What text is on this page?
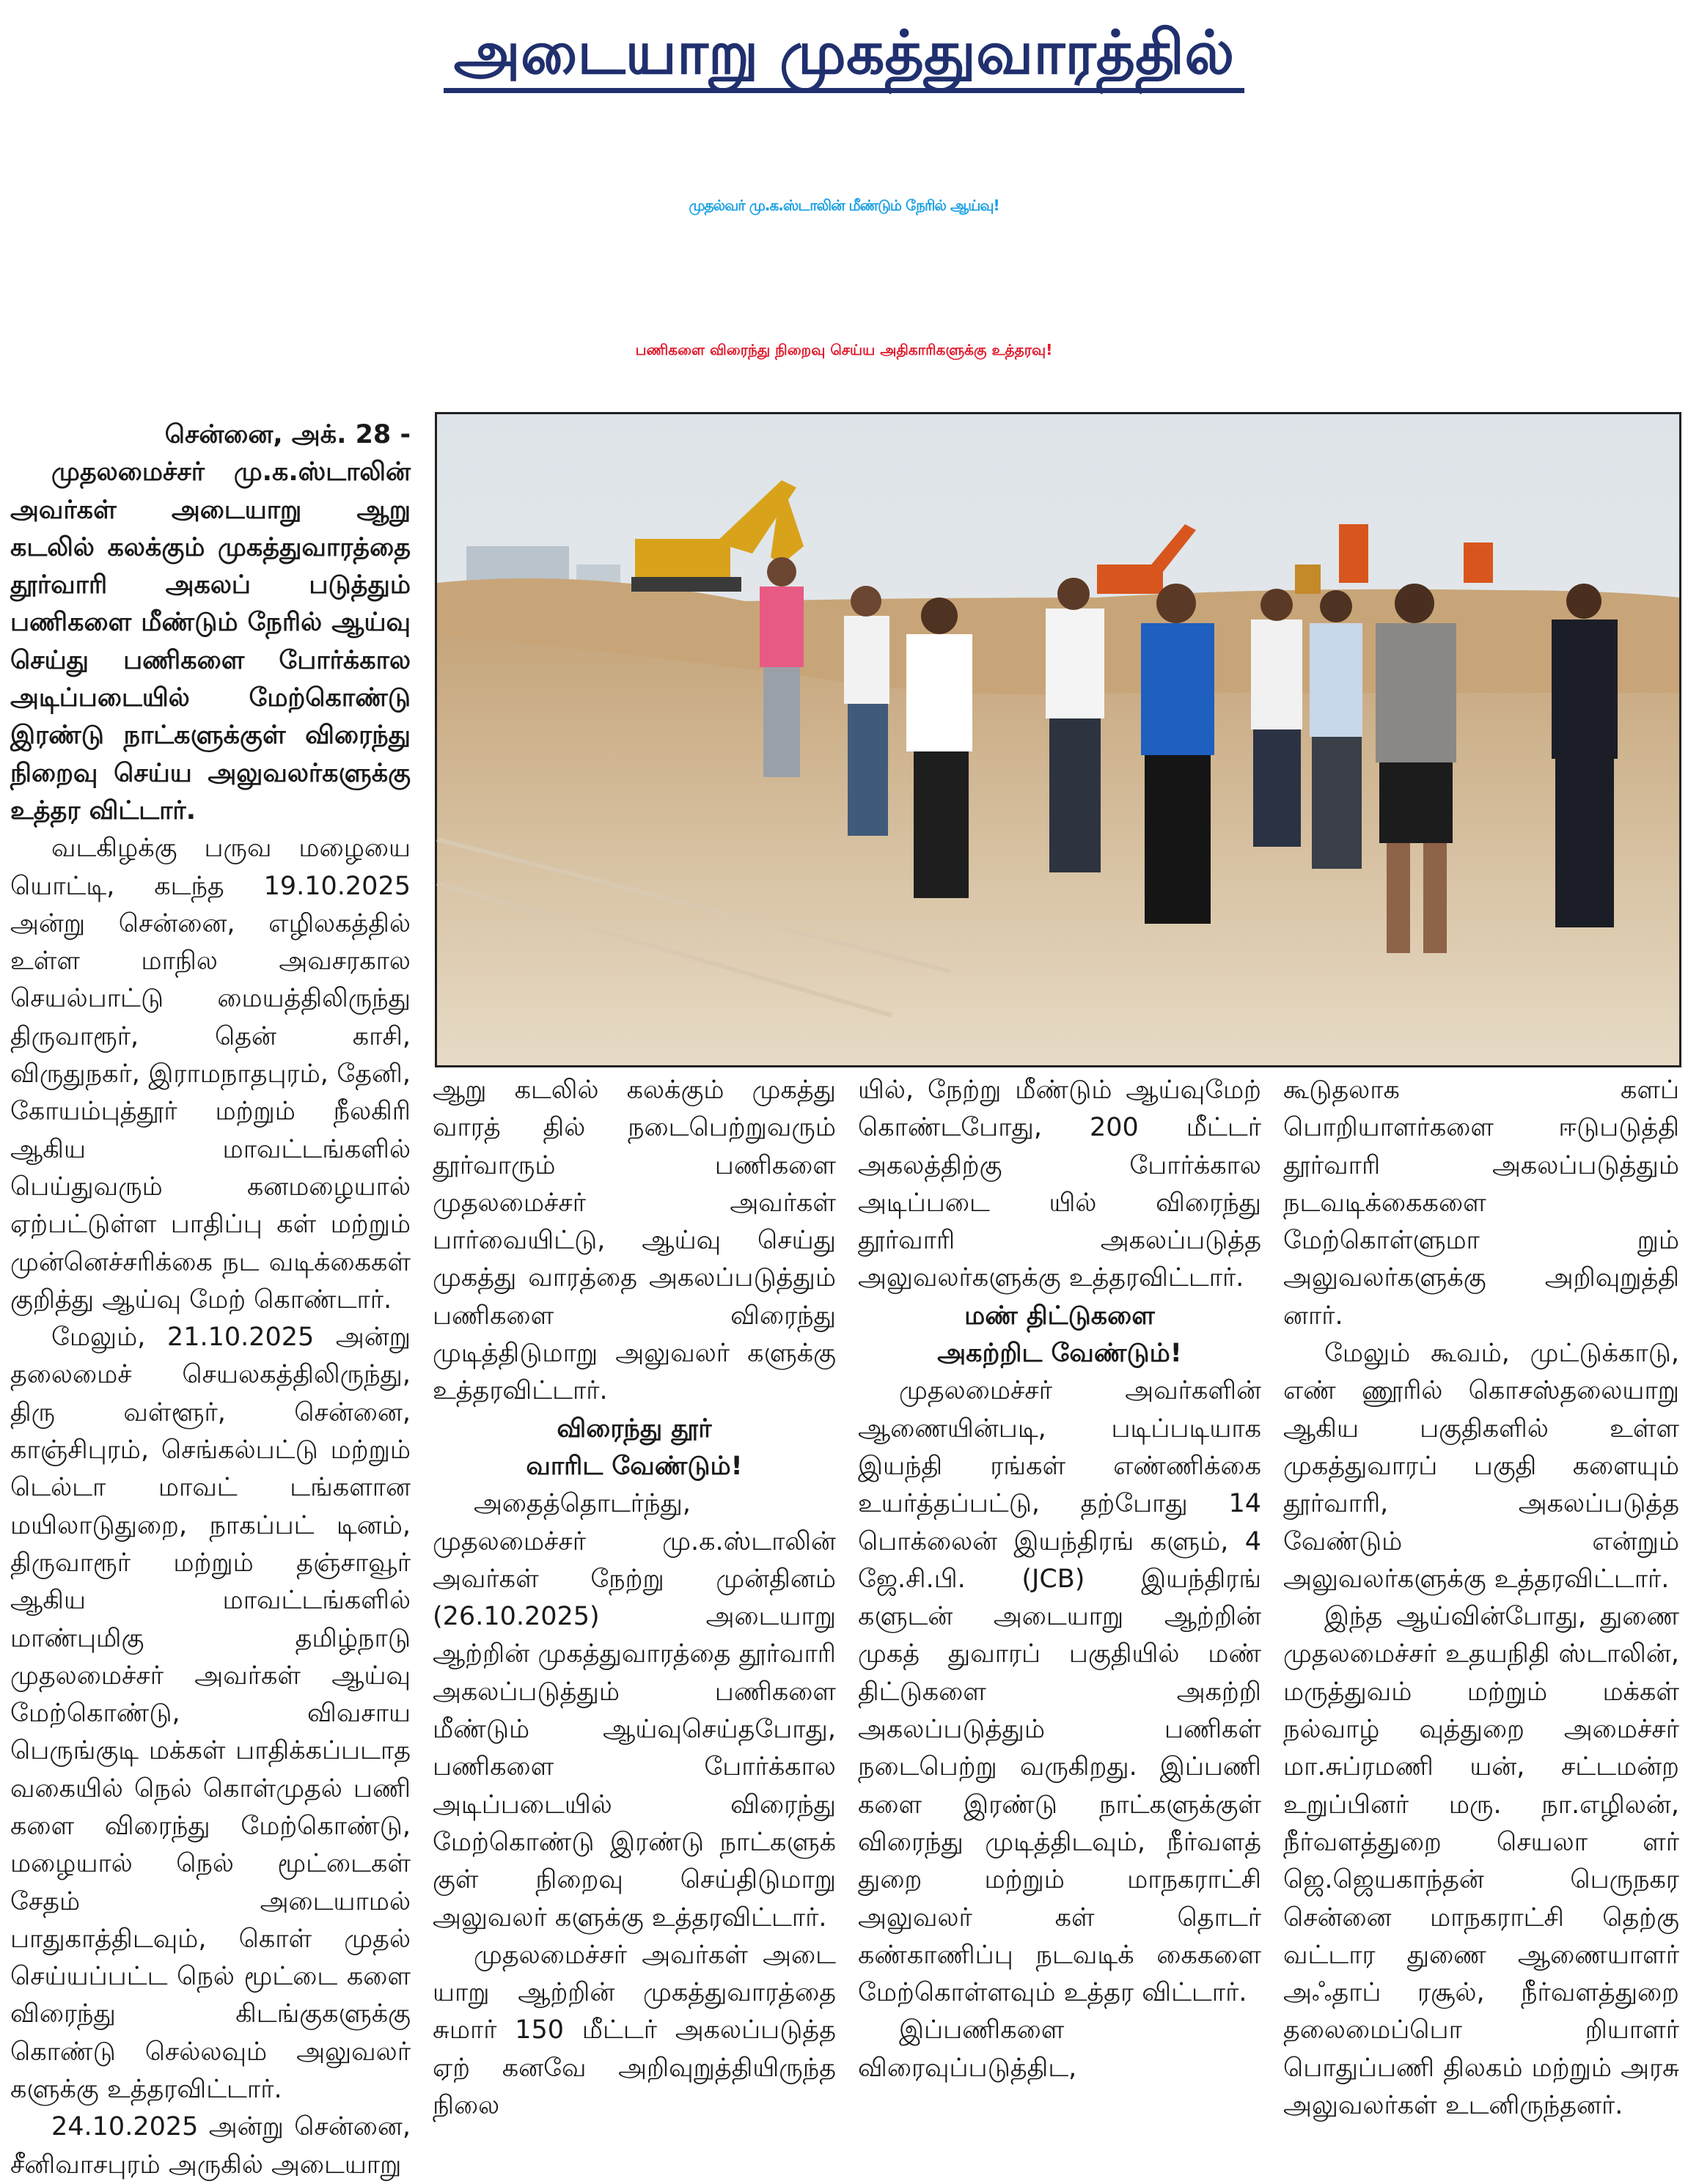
அடையாறு முகத்துவாரத்தில்
முதல்வர் மு.க.ஸ்டாலின் மீண்டும் நேரில் ஆய்வு!
பணிகளை விரைந்து நிறைவு செய்ய அதிகாரிகளுக்கு உத்தரவு!

சென்னை, அக். 28 -

முதலமைச்சர் மு.க.ஸ்டாலின் அவர்கள் அடையாறு ஆறு கடலில் கலக்கும் முகத்துவாரத்தை தூர்வாரி அகலப் படுத்தும் பணிகளை மீண்டும் நேரில் ஆய்வு செய்து பணிகளை போர்க்கால அடிப்படையில் மேற்கொண்டு இரண்டு நாட்களுக்குள் விரைந்து நிறைவு செய்ய அலுவலர்களுக்கு உத்தர விட்டார்.

வடகிழக்கு பருவ மழையை யொட்டி, கடந்த 19.10.2025 அன்று சென்னை, எழிலகத்தில் உள்ள மாநில அவசரகால செயல்பாட்டு மையத்திலிருந்து திருவாரூர், தென் காசி, விருதுநகர், இராமநாதபுரம், தேனி, கோயம்புத்தூர் மற்றும் நீலகிரி ஆகிய மாவட்டங்களில் பெய்துவரும் கனமழையால் ஏற்பட்டுள்ள பாதிப்பு கள் மற்றும் முன்னெச்சரிக்கை நட வடிக்கைகள் குறித்து ஆய்வு மேற் கொண்டார்.

மேலும், 21.10.2025 அன்று தலைமைச் செயலகத்திலிருந்து, திரு வள்ளூர், சென்னை, காஞ்சிபுரம், செங்கல்பட்டு மற்றும் டெல்டா மாவட் டங்களான மயிலாடுதுறை, நாகப்பட் டினம், திருவாரூர் மற்றும் தஞ்சாவூர் ஆகிய மாவட்டங்களில் மாண்புமிகு தமிழ்நாடு முதலமைச்சர் அவர்கள் ஆய்வு மேற்கொண்டு, விவசாய பெருங்குடி மக்கள் பாதிக்கப்படாத வகையில் நெல் கொள்முதல் பணி களை விரைந்து மேற்கொண்டு, மழையால் நெல் மூட்டைகள் சேதம் அடையாமல் பாதுகாத்திடவும், கொள் முதல் செய்யப்பட்ட நெல் மூட்டை களை விரைந்து கிடங்குகளுக்கு கொண்டு செல்லவும் அலுவலர் களுக்கு உத்தரவிட்டார்.

24.10.2025 அன்று சென்னை, சீனிவாசபுரம் அருகில் அடையாறு

ஆறு கடலில் கலக்கும் முகத்து வாரத் தில் நடைபெற்றுவரும் தூர்வாரும் பணிகளை முதலமைச்சர் அவர்கள் பார்வையிட்டு, ஆய்வு செய்து முகத்து வாரத்தை அகலப்படுத்தும் பணிகளை விரைந்து முடித்திடுமாறு அலுவலர் களுக்கு உத்தரவிட்டார்.

விரைந்து தூர்

வாரிட வேண்டும்!

அதைத்தொடர்ந்து, முதலமைச்சர் மு.க.ஸ்டாலின் அவர்கள் நேற்று முன்தினம் (26.10.2025) அடையாறு ஆற்றின் முகத்துவாரத்தை தூர்வாரி அகலப்படுத்தும் பணிகளை மீண்டும் ஆய்வுசெய்தபோது, பணிகளை போர்க்கால அடிப்படையில் விரைந்து மேற்கொண்டு இரண்டு நாட்களுக் குள் நிறைவு செய்திடுமாறு அலுவலர் களுக்கு உத்தரவிட்டார்.

முதலமைச்சர் அவர்கள் அடை யாறு ஆற்றின் முகத்துவாரத்தை சுமார் 150 மீட்டர் அகலப்படுத்த ஏற் கனவே அறிவுறுத்தியிருந்த நிலை

யில், நேற்று மீண்டும் ஆய்வுமேற் கொண்டபோது, 200 மீட்டர் அகலத்திற்கு போர்க்கால அடிப்படை யில் விரைந்து தூர்வாரி அகலப்படுத்த அலுவலர்களுக்கு உத்தரவிட்டார்.

மண் திட்டுகளை

அகற்றிட வேண்டும்!

முதலமைச்சர் அவர்களின் ஆணையின்படி, படிப்படியாக இயந்தி ரங்கள் எண்ணிக்கை உயர்த்தப்பட்டு, தற்போது 14 பொக்லைன் இயந்திரங் களும், 4 ஜே.சி.பி. (JCB) இயந்திரங் களுடன் அடையாறு ஆற்றின் முகத் துவாரப் பகுதியில் மண் திட்டுகளை அகற்றி அகலப்படுத்தும் பணிகள் நடைபெற்று வருகிறது. இப்பணி களை இரண்டு நாட்களுக்குள் விரைந்து முடித்திடவும், நீர்வளத் துறை மற்றும் மாநகராட்சி அலுவலர் கள் தொடர் கண்காணிப்பு நடவடிக் கைகளை மேற்கொள்ளவும் உத்தர விட்டார்.

இப்பணிகளை விரைவுப்படுத்திட,

கூடுதலாக களப் பொறியாளர்களை ஈடுபடுத்தி தூர்வாரி அகலப்படுத்தும் நடவடிக்கைகளை மேற்கொள்ளுமா றும் அலுவலர்களுக்கு அறிவுறுத்தி னார்.

மேலும் கூவம், முட்டுக்காடு, எண் ணூரில் கொசஸ்தலையாறு ஆகிய பகுதிகளில் உள்ள முகத்துவாரப் பகுதி களையும் தூர்வாரி, அகலப்படுத்த வேண்டும் என்றும் அலுவலர்களுக்கு உத்தரவிட்டார்.

இந்த ஆய்வின்போது, துணை முதலமைச்சர் உதயநிதி ஸ்டாலின், மருத்துவம் மற்றும் மக்கள் நல்வாழ் வுத்துறை அமைச்சர் மா.சுப்ரமணி யன், சட்டமன்ற உறுப்பினர் மரு. நா.எழிலன், நீர்வளத்துறை செயலா ளர் ஜெ.ஜெயகாந்தன் பெருநகர சென்னை மாநகராட்சி தெற்கு வட்டார துணை ஆணையாளர் அஃதாப் ரசூல், நீர்வளத்துறை தலைமைப்பொ றியாளர் பொதுப்பணி திலகம் மற்றும் அரசு அலுவலர்கள் உடனிருந்தனர்.
